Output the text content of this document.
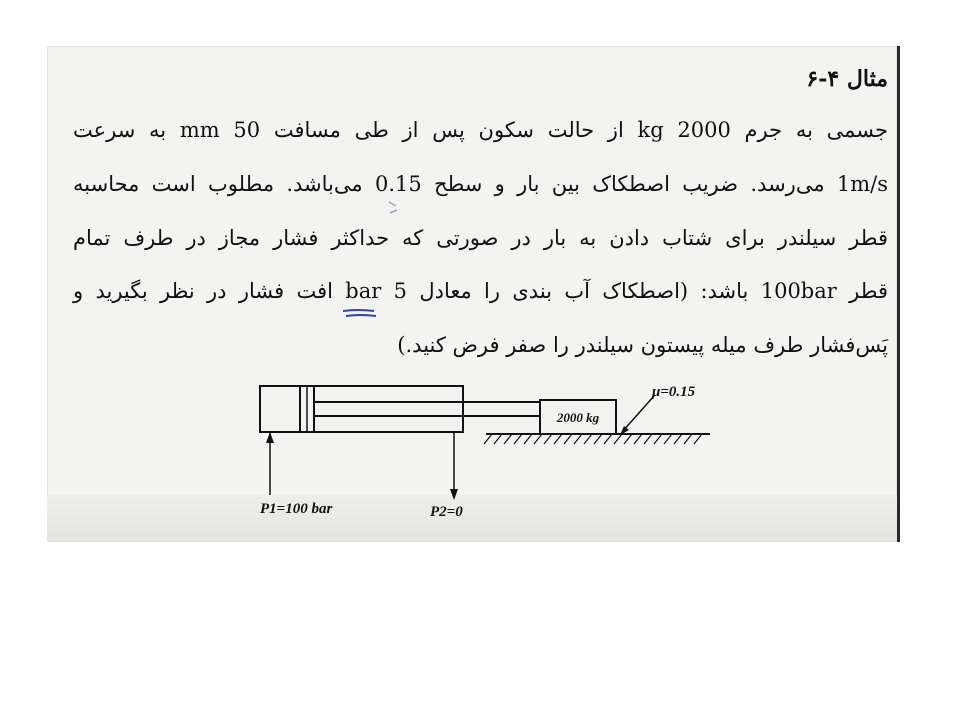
مثال ۴-۶
جسمی به جرم 2000 kg از حالت سکون پس از طی مسافت 50 mm به سرعت
1m/s می‌رسد. ضریب اصطکاک بین بار و سطح 0.15 می‌باشد. مطلوب است محاسبه
قطر سیلندر برای شتاب دادن به بار در صورتی که حداکثر فشار مجاز در طرف تمام
قطر 100bar باشد: (اصطکاک آب بندی را معادل 5 bar افت فشار در نظر بگیرید و
پَس‌فشار طرف میله پیستون سیلندر را صفر فرض کنید.)
2000 kg
μ=0.15
P1=100 bar	P2=0
